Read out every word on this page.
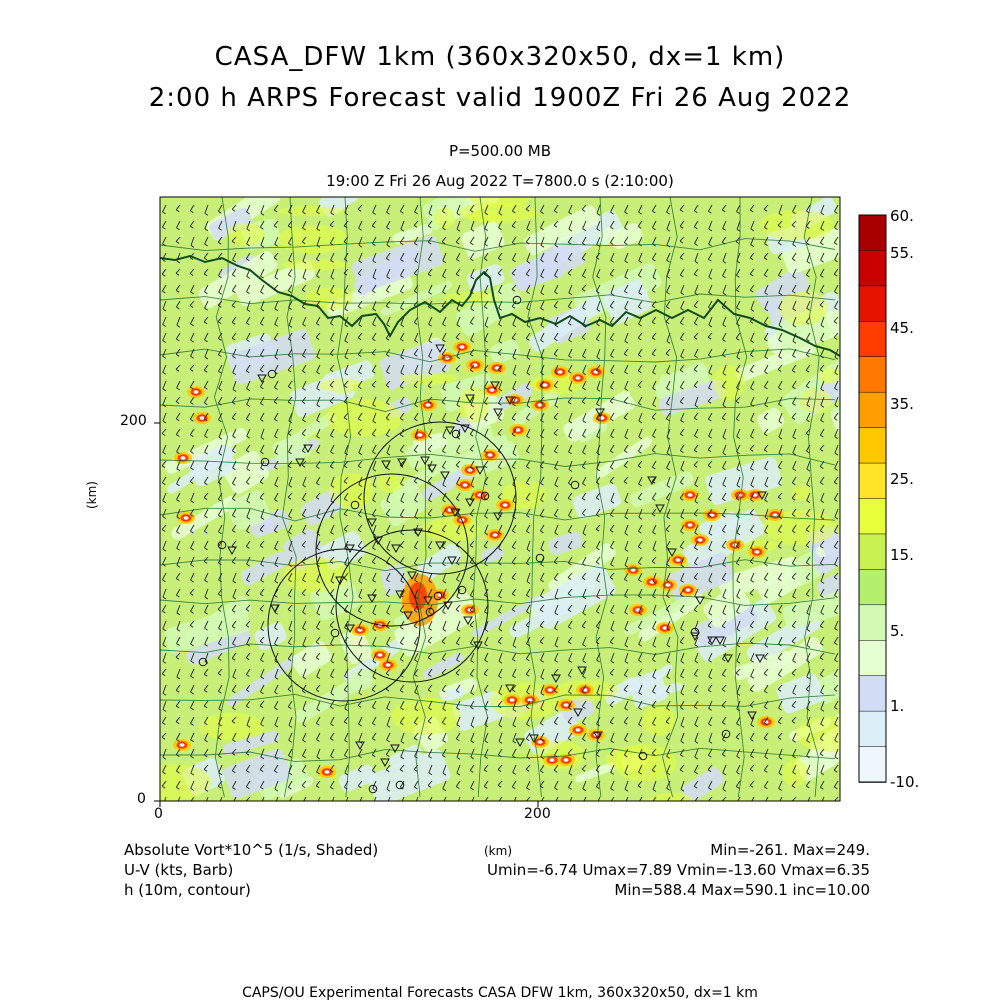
CASA_DFW 1km (360x320x50, dx=1 km)
2:00 h ARPS Forecast valid 1900Z Fri 26 Aug 2022
P=500.00 MB
19:00 Z Fri 26 Aug 2022 T=7800.0 s (2:10:00)
0
200
0	200
(km)
60.
55.
45.
35.
25.
15.
5.
1.
-10.
Absolute Vort*10^5 (1/s, Shaded)	(km)	Min=-261. Max=249.
U-V (kts, Barb)	Umin=-6.74 Umax=7.89 Vmin=-13.60 Vmax=6.35
h (10m, contour)	Min=588.4 Max=590.1 inc=10.00
CAPS/OU Experimental Forecasts CASA DFW 1km, 360x320x50, dx=1 km
